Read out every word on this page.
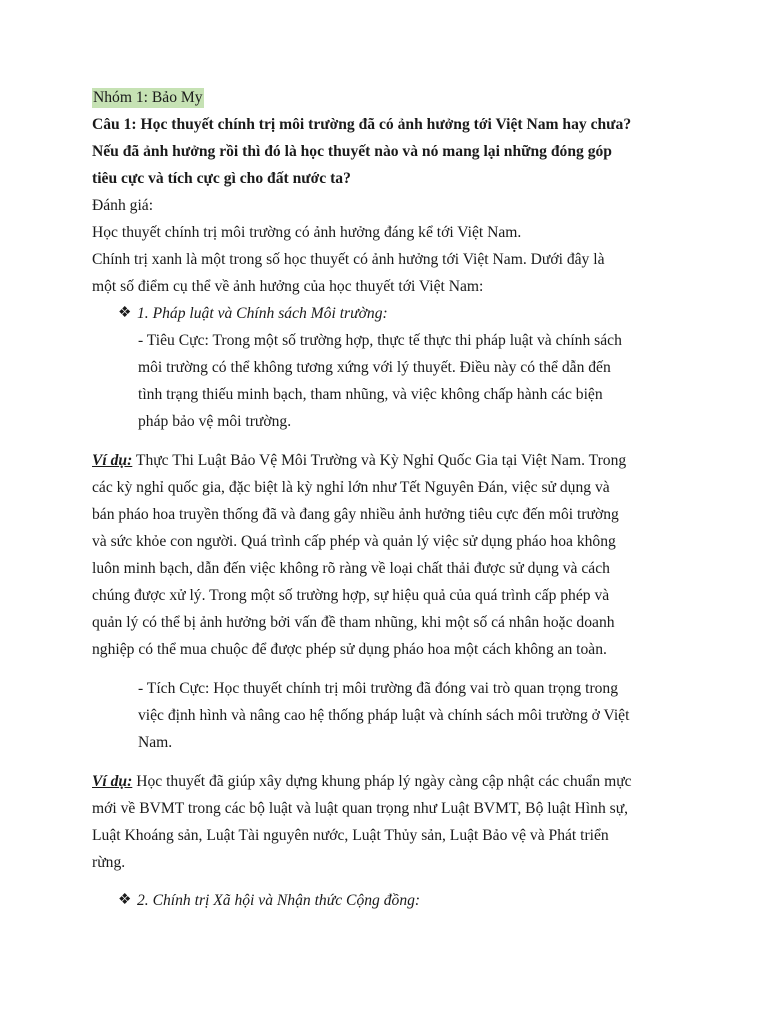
Nhóm 1: Bảo My
Câu 1: Học thuyết chính trị môi trường đã có ảnh hưởng tới Việt Nam hay chưa?
Nếu đã ảnh hưởng rồi thì đó là học thuyết nào và nó mang lại những đóng góp
tiêu cực và tích cực gì cho đất nước ta?
Đánh giá:
Học thuyết chính trị môi trường có ảnh hưởng đáng kể tới Việt Nam.
Chính trị xanh là một trong số học thuyết có ảnh hưởng tới Việt Nam. Dưới đây là
một số điểm cụ thể về ảnh hưởng của học thuyết tới Việt Nam:
❖ 1. Pháp luật và Chính sách Môi trường:
- Tiêu Cực: Trong một số trường hợp, thực tế thực thi pháp luật và chính sách
môi trường có thể không tương xứng với lý thuyết. Điều này có thể dẫn đến
tình trạng thiếu minh bạch, tham nhũng, và việc không chấp hành các biện
pháp bảo vệ môi trường.
Ví dụ: Thực Thi Luật Bảo Vệ Môi Trường và Kỳ Nghỉ Quốc Gia tại Việt Nam. Trong
các kỳ nghỉ quốc gia, đặc biệt là kỳ nghỉ lớn như Tết Nguyên Đán, việc sử dụng và
bán pháo hoa truyền thống đã và đang gây nhiều ảnh hưởng tiêu cực đến môi trường
và sức khỏe con người. Quá trình cấp phép và quản lý việc sử dụng pháo hoa không
luôn minh bạch, dẫn đến việc không rõ ràng về loại chất thải được sử dụng và cách
chúng được xử lý. Trong một số trường hợp, sự hiệu quả của quá trình cấp phép và
quản lý có thể bị ảnh hưởng bởi vấn đề tham nhũng, khi một số cá nhân hoặc doanh
nghiệp có thể mua chuộc để được phép sử dụng pháo hoa một cách không an toàn.
- Tích Cực: Học thuyết chính trị môi trường đã đóng vai trò quan trọng trong
việc định hình và nâng cao hệ thống pháp luật và chính sách môi trường ở Việt
Nam.
Ví dụ: Học thuyết đã giúp xây dựng khung pháp lý ngày càng cập nhật các chuẩn mực
mới về BVMT trong các bộ luật và luật quan trọng như Luật BVMT, Bộ luật Hình sự,
Luật Khoáng sản, Luật Tài nguyên nước, Luật Thủy sản, Luật Bảo vệ và Phát triển
rừng.
❖ 2. Chính trị Xã hội và Nhận thức Cộng đồng:
